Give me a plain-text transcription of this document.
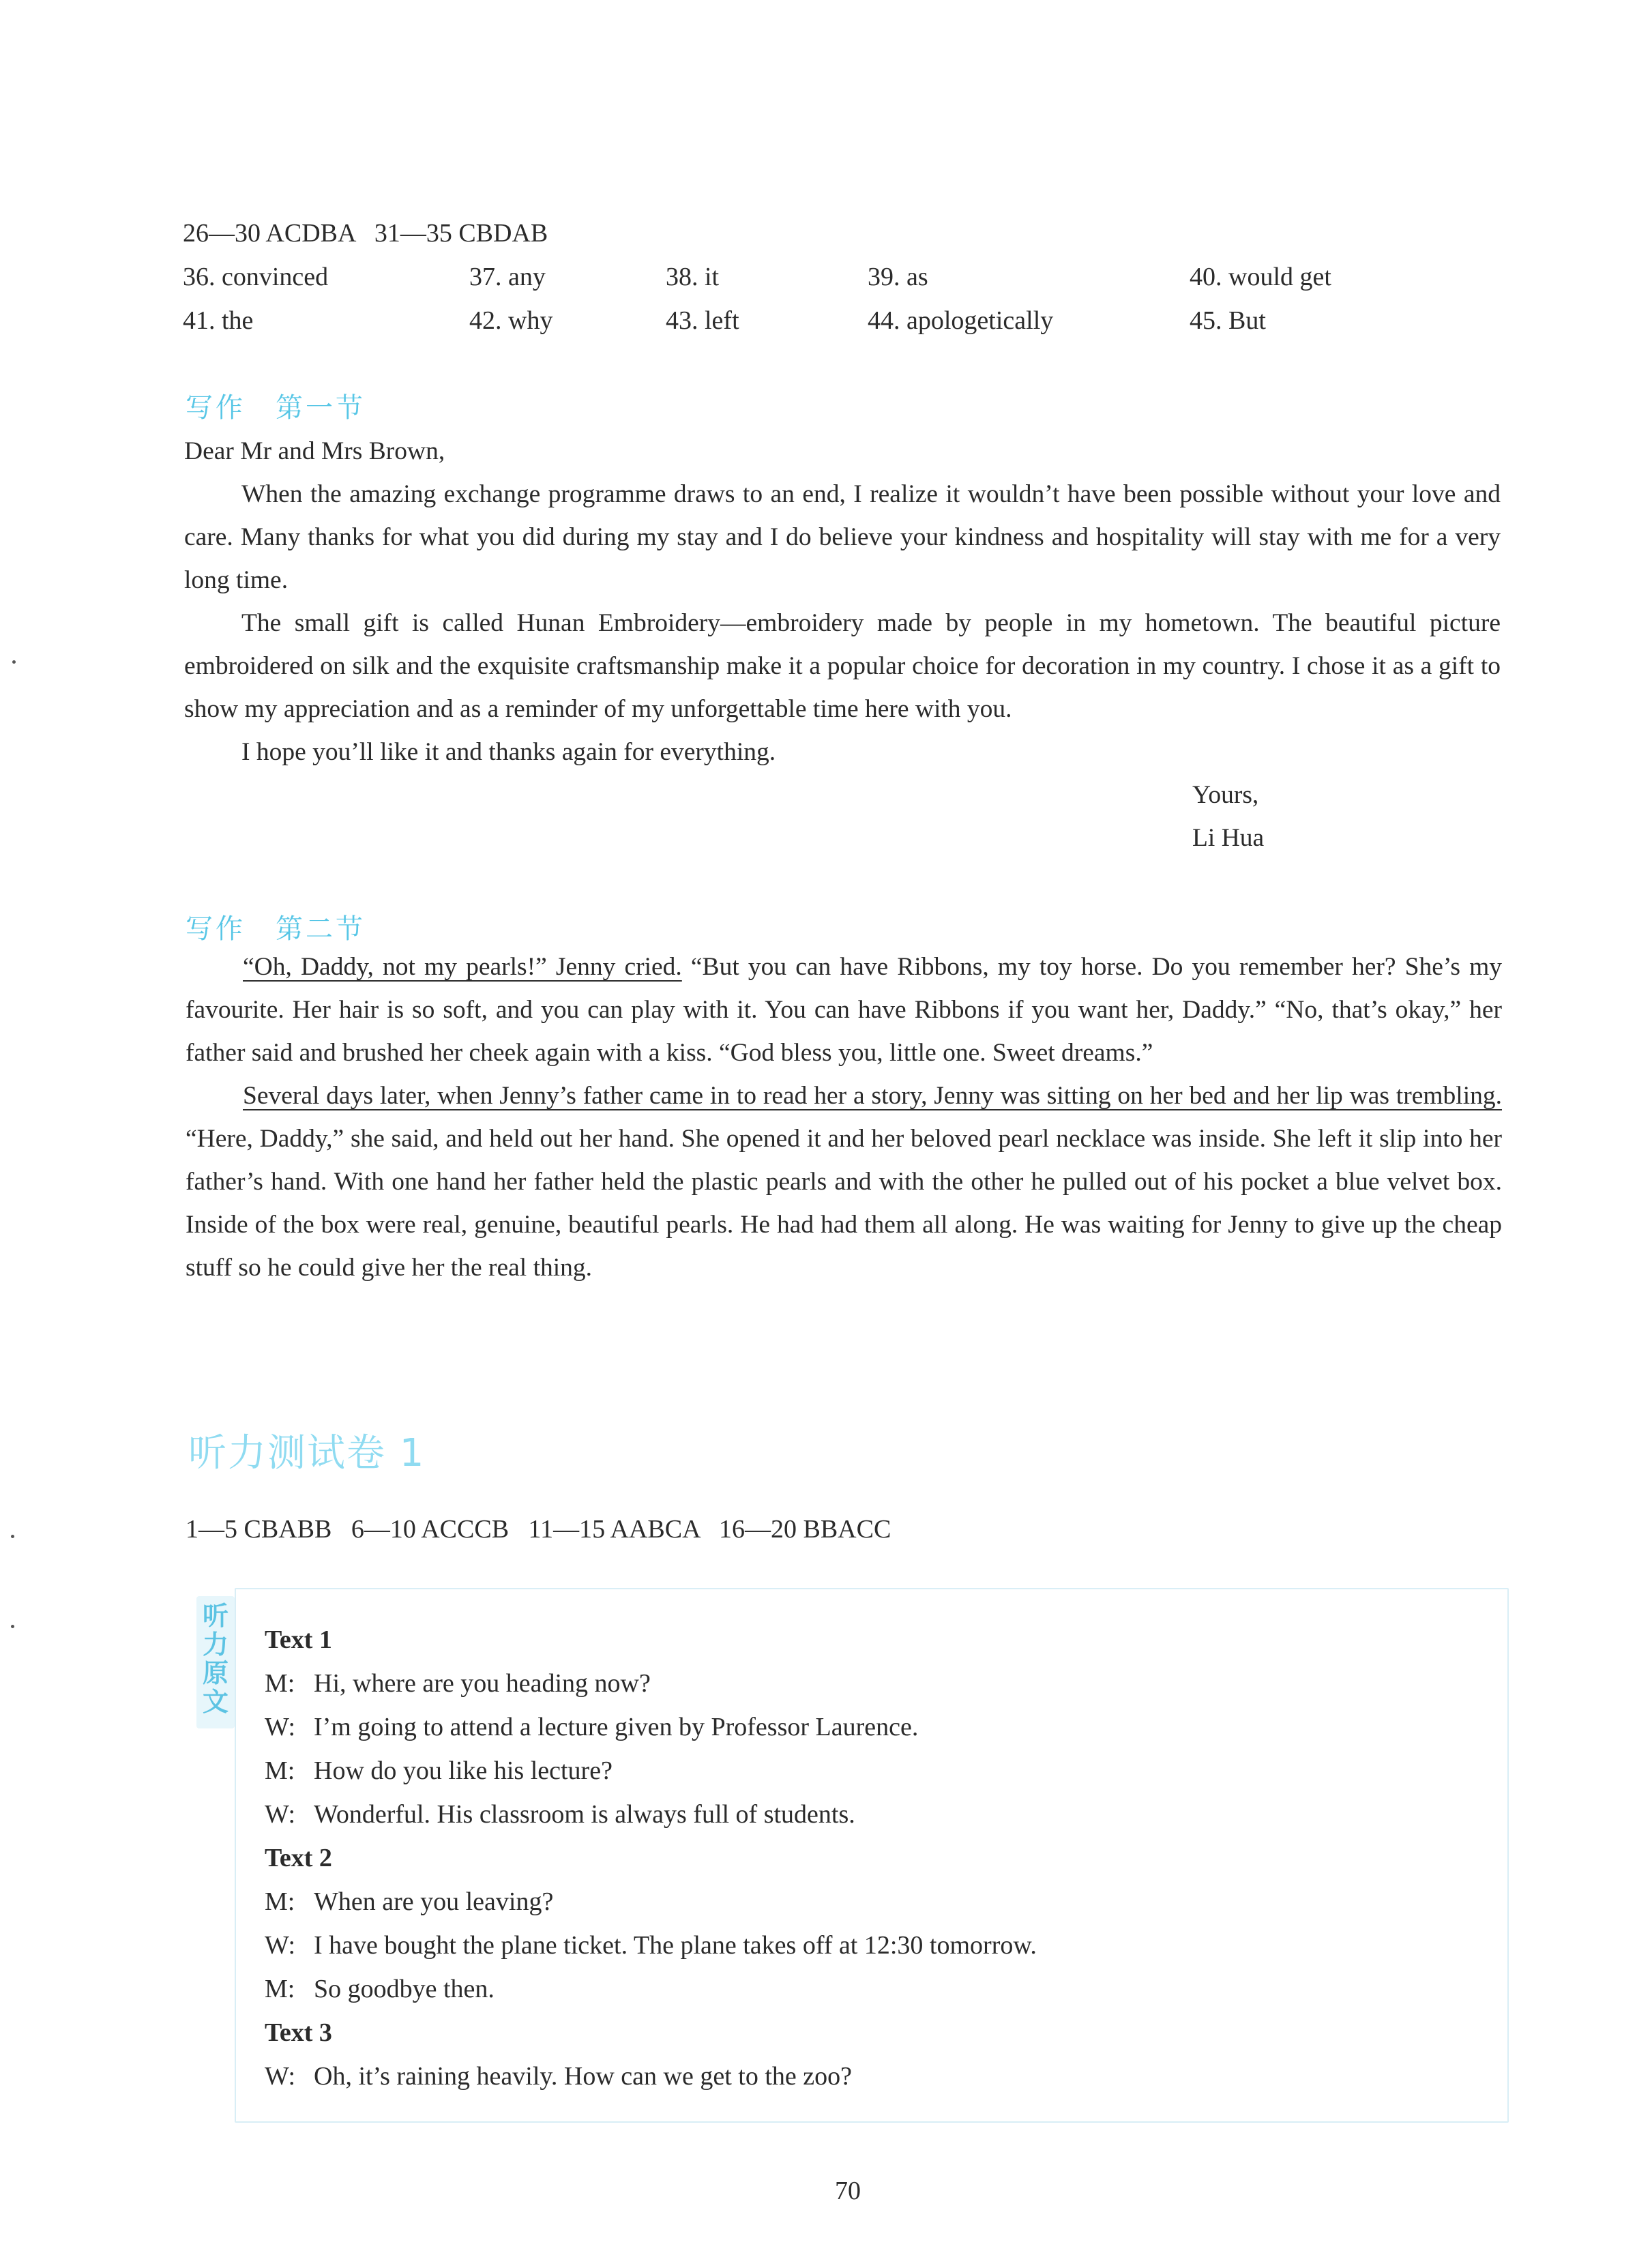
26—30 ACDBA   31—35 CBDAB
36. convinced	37. any	38. it	39. as	40. would get
41. the	42. why	43. left	44. apologetically	45. But
写作　第一节
Dear Mr and Mrs Brown,
When the amazing exchange programme draws to an end, I realize it wouldn’t have been possible without your love and care. Many thanks for what you did during my stay and I do believe your kindness and hospitality will stay with me for a very long time.
The small gift is called Hunan Embroidery—embroidery made by people in my hometown. The beautiful picture embroidered on silk and the exquisite craftsmanship make it a popular choice for decoration in my country. I chose it as a gift to show my appreciation and as a reminder of my unforgettable time here with you.
I hope you’ll like it and thanks again for everything.
Yours,
Li Hua
写作　第二节
“Oh, Daddy, not my pearls!” Jenny cried. “But you can have Ribbons, my toy horse. Do you remember her? She’s my favourite. Her hair is so soft, and you can play with it. You can have Ribbons if you want her, Daddy.” “No, that’s okay,” her father said and brushed her cheek again with a kiss. “God bless you, little one. Sweet dreams.”
Several days later, when Jenny’s father came in to read her a story, Jenny was sitting on her bed and her lip was trembling. “Here, Daddy,” she said, and held out her hand. She opened it and her beloved pearl necklace was inside. She left it slip into her father’s hand. With one hand her father held the plastic pearls and with the other he pulled out of his pocket a blue velvet box. Inside of the box were real, genuine, beautiful pearls. He had had them all along. He was waiting for Jenny to give up the cheap stuff so he could give her the real thing.
听力测试卷 1
1—5 CBABB   6—10 ACCCB   11—15 AABCA   16—20 BBACC
听
力
原
文
Text 1
M: Hi, where are you heading now?
W: I’m going to attend a lecture given by Professor Laurence.
M: How do you like his lecture?
W: Wonderful. His classroom is always full of students.
Text 2
M: When are you leaving?
W: I have bought the plane ticket. The plane takes off at 12:30 tomorrow.
M: So goodbye then.
Text 3
W: Oh, it’s raining heavily. How can we get to the zoo?
70
